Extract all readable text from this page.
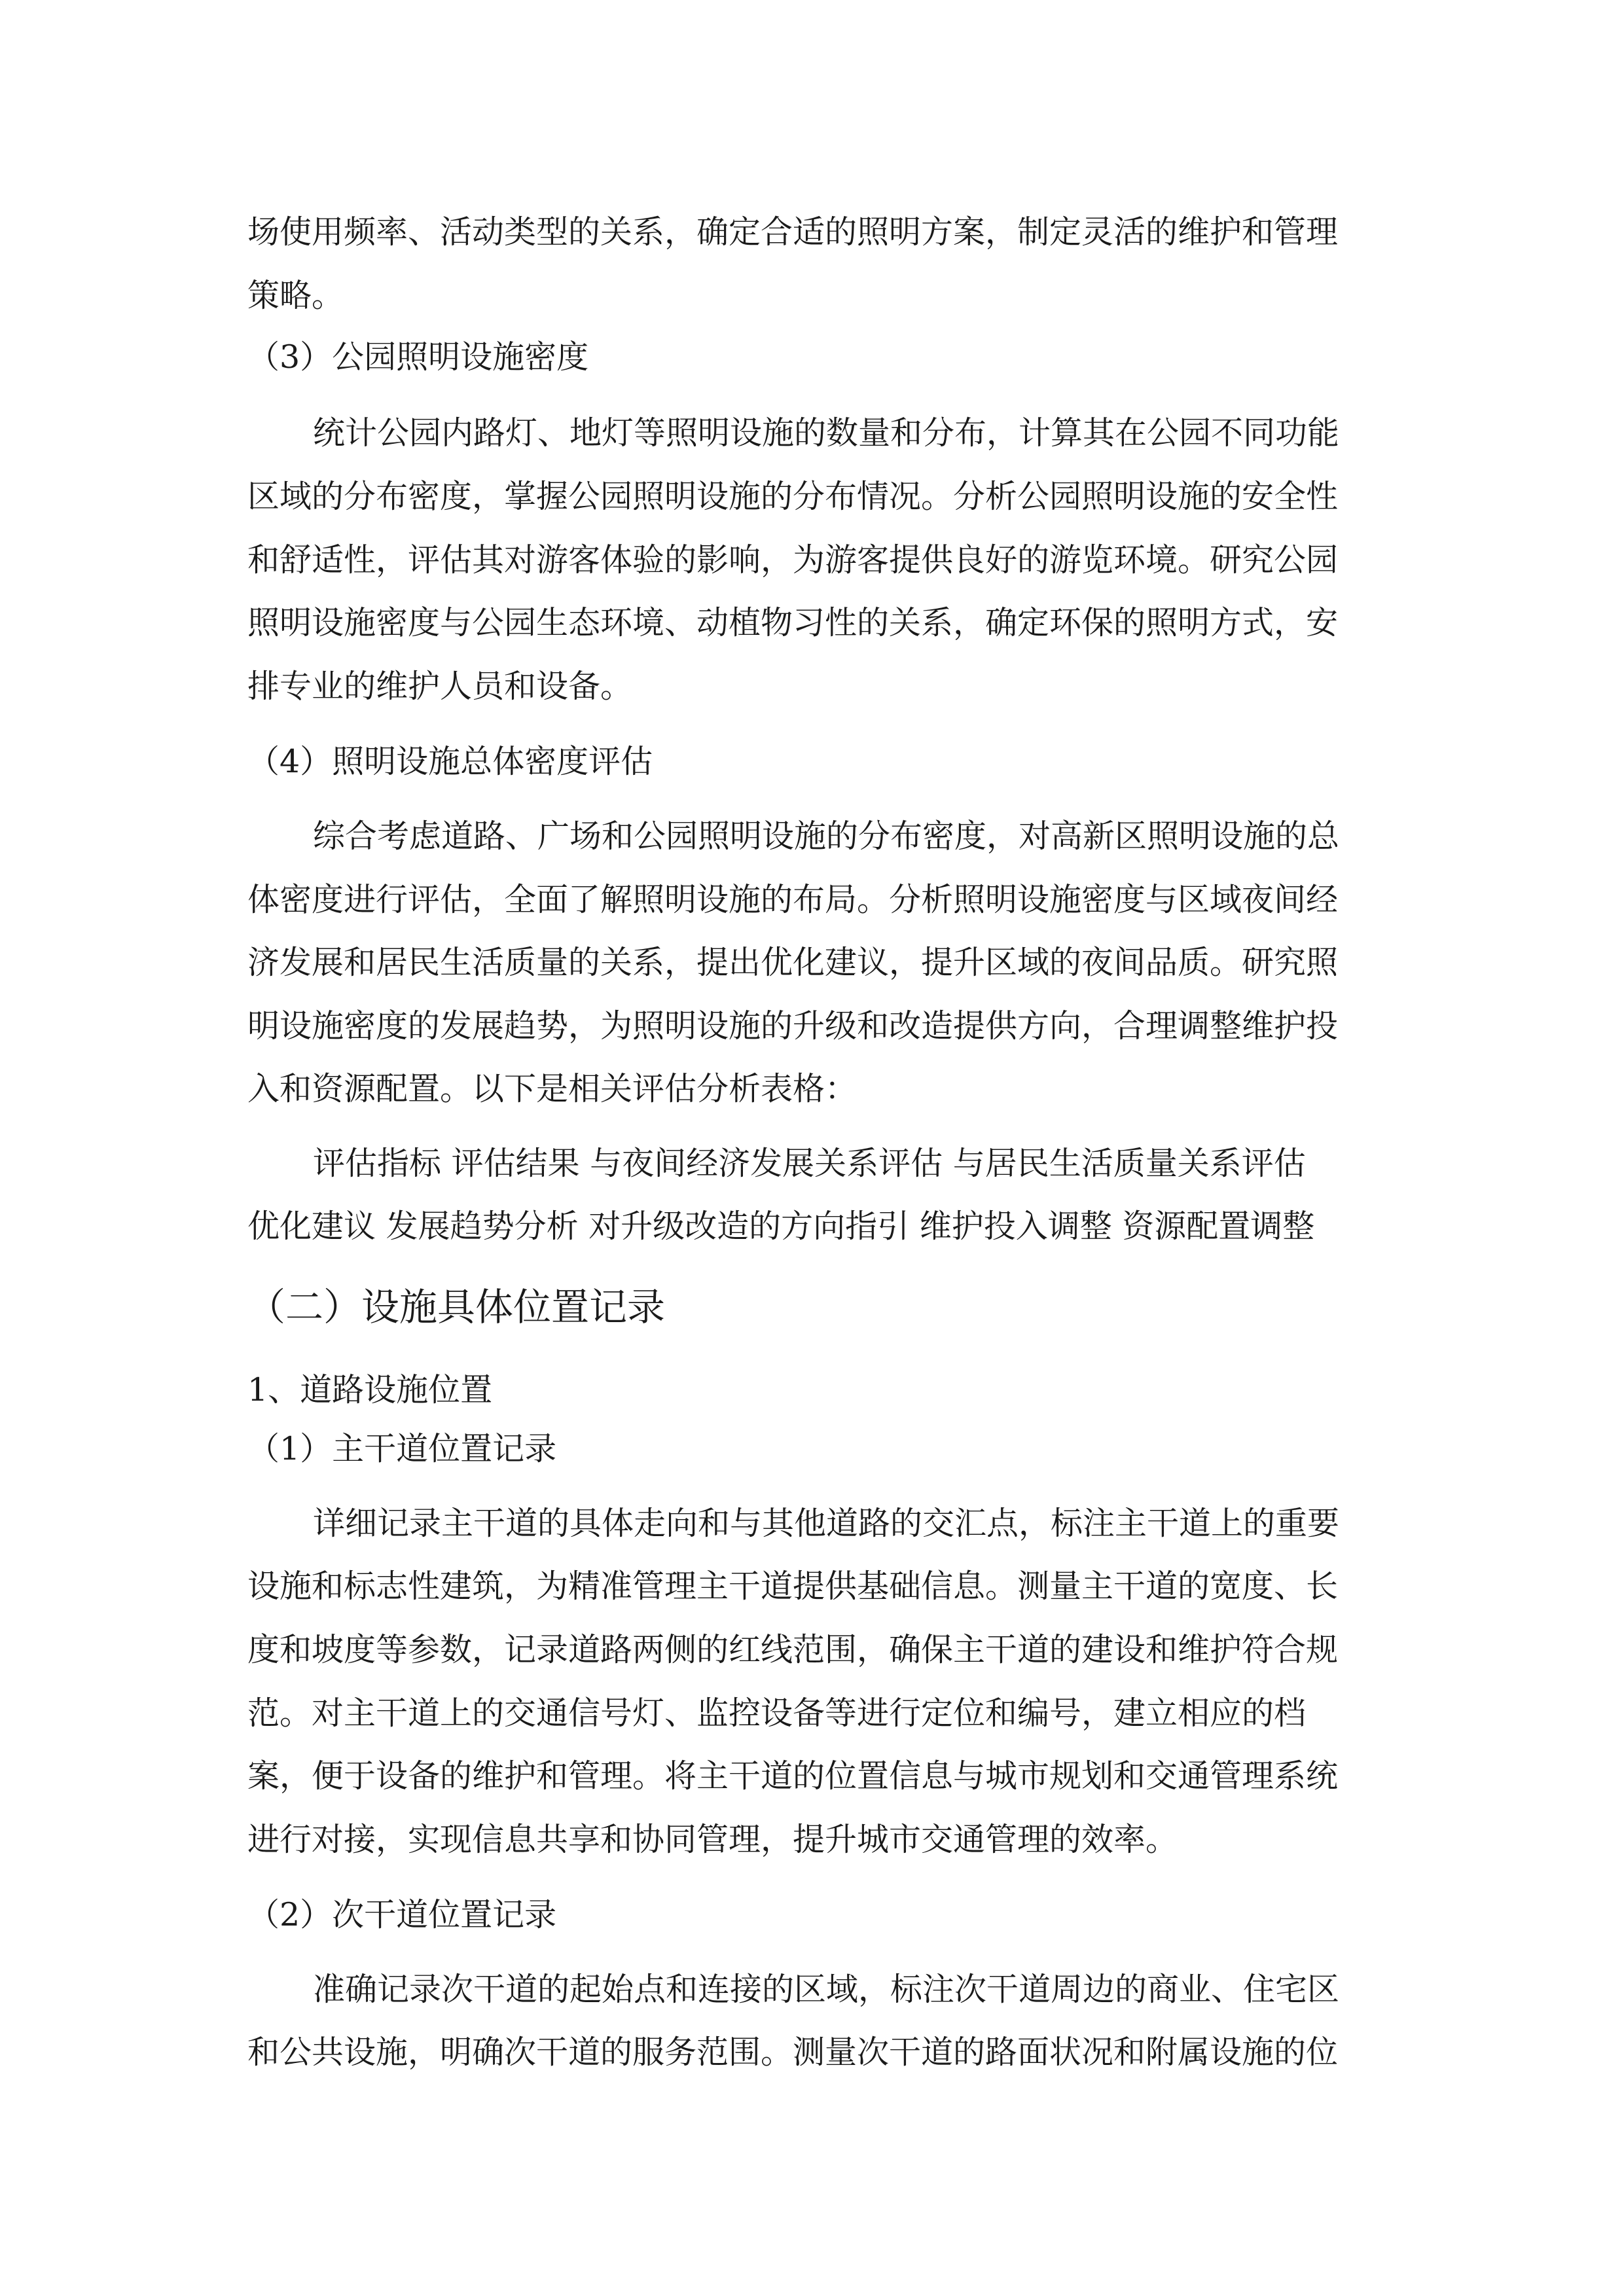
场使用频率、活动类型的关系，确定合适的照明方案，制定灵活的维护和管理
策略。
（3）公园照明设施密度
统计公园内路灯、地灯等照明设施的数量和分布，计算其在公园不同功能
区域的分布密度，掌握公园照明设施的分布情况。分析公园照明设施的安全性
和舒适性，评估其对游客体验的影响，为游客提供良好的游览环境。研究公园
照明设施密度与公园生态环境、动植物习性的关系，确定环保的照明方式，安
排专业的维护人员和设备。
（4）照明设施总体密度评估
综合考虑道路、广场和公园照明设施的分布密度，对高新区照明设施的总
体密度进行评估，全面了解照明设施的布局。分析照明设施密度与区域夜间经
济发展和居民生活质量的关系，提出优化建议，提升区域的夜间品质。研究照
明设施密度的发展趋势，为照明设施的升级和改造提供方向，合理调整维护投
入和资源配置。以下是相关评估分析表格：
评估指标 评估结果 与夜间经济发展关系评估 与居民生活质量关系评估
优化建议 发展趋势分析 对升级改造的方向指引 维护投入调整 资源配置调整
（二）设施具体位置记录
1、道路设施位置
（1）主干道位置记录
详细记录主干道的具体走向和与其他道路的交汇点，标注主干道上的重要
设施和标志性建筑，为精准管理主干道提供基础信息。测量主干道的宽度、长
度和坡度等参数，记录道路两侧的红线范围，确保主干道的建设和维护符合规
范。对主干道上的交通信号灯、监控设备等进行定位和编号，建立相应的档
案，便于设备的维护和管理。将主干道的位置信息与城市规划和交通管理系统
进行对接，实现信息共享和协同管理，提升城市交通管理的效率。
（2）次干道位置记录
准确记录次干道的起始点和连接的区域，标注次干道周边的商业、住宅区
和公共设施，明确次干道的服务范围。测量次干道的路面状况和附属设施的位
